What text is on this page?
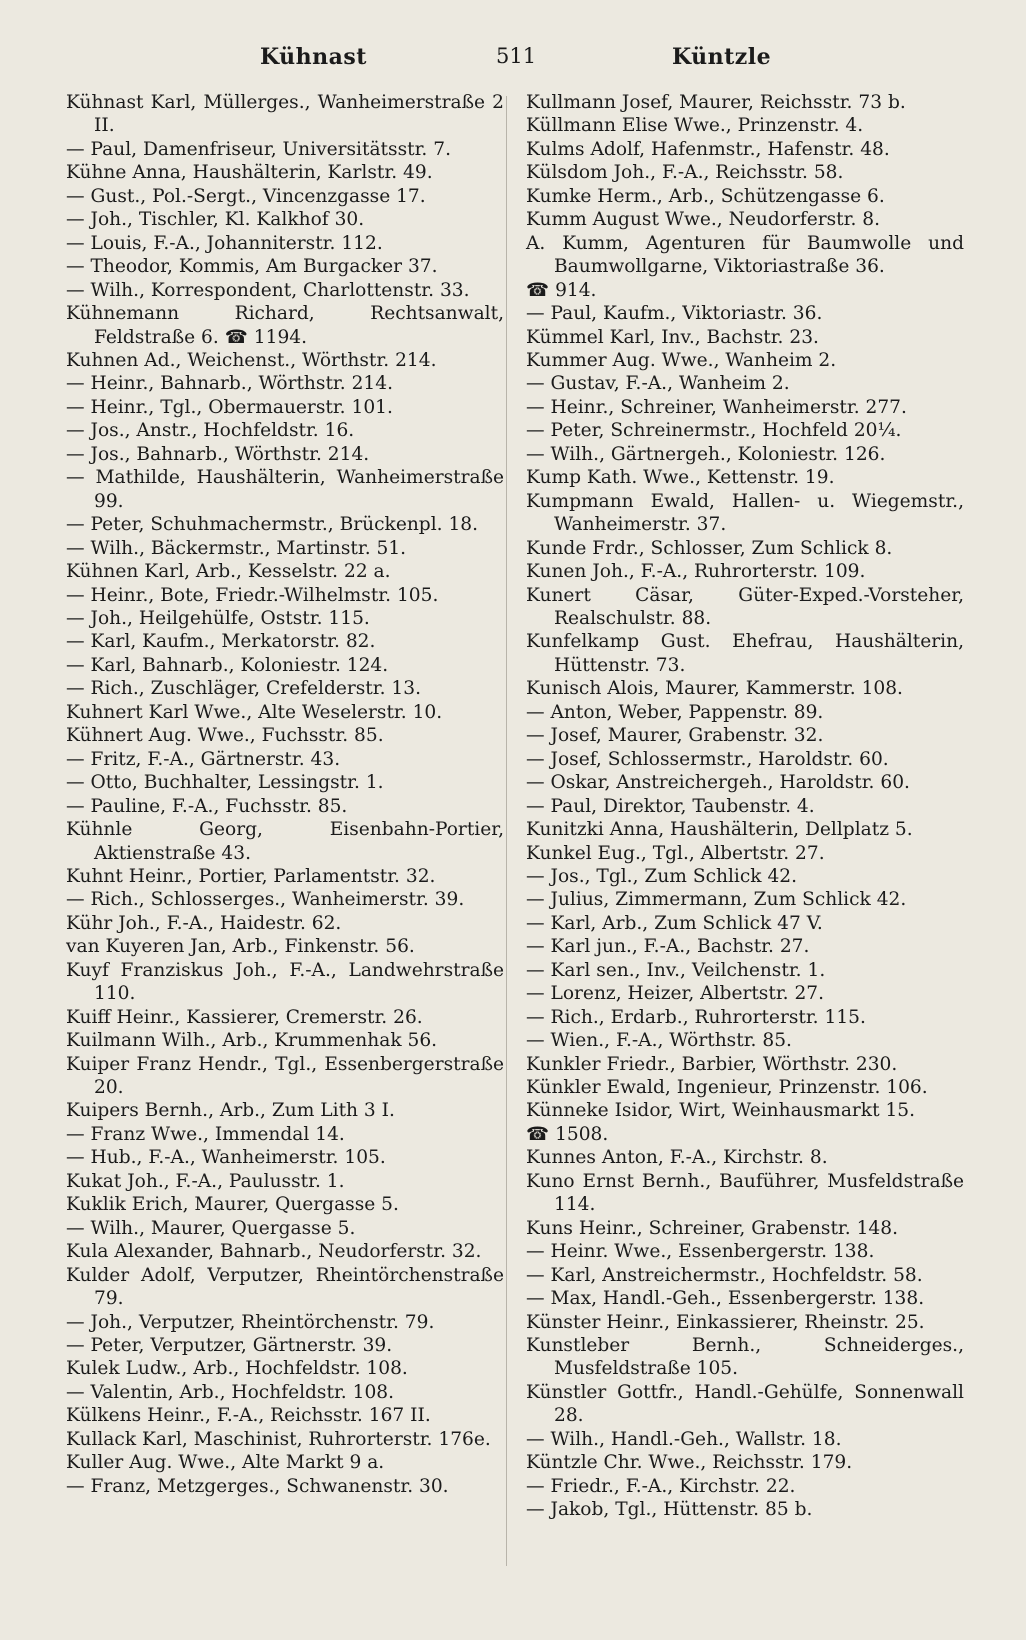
Kühnast	511	Küntzle
Kühnast Karl, Müllerges., Wanheimerstraße 2 II.
— Paul, Damenfriseur, Universitätsstr. 7.
Kühne Anna, Haushälterin, Karlstr. 49.
— Gust., Pol.-Sergt., Vincenzgasse 17.
— Joh., Tischler, Kl. Kalkhof 30.
— Louis, F.-A., Johanniterstr. 112.
— Theodor, Kommis, Am Burgacker 37.
— Wilh., Korrespondent, Charlottenstr. 33.
Kühnemann Richard, Rechtsanwalt, Feldstraße 6. ☎ 1194.
Kuhnen Ad., Weichenst., Wörthstr. 214.
— Heinr., Bahnarb., Wörthstr. 214.
— Heinr., Tgl., Obermauerstr. 101.
— Jos., Anstr., Hochfeldstr. 16.
— Jos., Bahnarb., Wörthstr. 214.
— Mathilde, Haushälterin, Wanheimerstraße 99.
— Peter, Schuhmachermstr., Brückenpl. 18.
— Wilh., Bäckermstr., Martinstr. 51.
Kühnen Karl, Arb., Kesselstr. 22 a.
— Heinr., Bote, Friedr.-Wilhelmstr. 105.
— Joh., Heilgehülfe, Oststr. 115.
— Karl, Kaufm., Merkatorstr. 82.
— Karl, Bahnarb., Koloniestr. 124.
— Rich., Zuschläger, Crefelderstr. 13.
Kuhnert Karl Wwe., Alte Weselerstr. 10.
Kühnert Aug. Wwe., Fuchsstr. 85.
— Fritz, F.-A., Gärtnerstr. 43.
— Otto, Buchhalter, Lessingstr. 1.
— Pauline, F.-A., Fuchsstr. 85.
Kühnle Georg, Eisenbahn-Portier, Aktienstraße 43.
Kuhnt Heinr., Portier, Parlamentstr. 32.
— Rich., Schlosserges., Wanheimerstr. 39.
Kühr Joh., F.-A., Haidestr. 62.
van Kuyeren Jan, Arb., Finkenstr. 56.
Kuyf Franziskus Joh., F.-A., Landwehrstraße 110.
Kuiff Heinr., Kassierer, Cremerstr. 26.
Kuilmann Wilh., Arb., Krummenhak 56.
Kuiper Franz Hendr., Tgl., Essenbergerstraße 20.
Kuipers Bernh., Arb., Zum Lith 3 I.
— Franz Wwe., Immendal 14.
— Hub., F.-A., Wanheimerstr. 105.
Kukat Joh., F.-A., Paulusstr. 1.
Kuklik Erich, Maurer, Quergasse 5.
— Wilh., Maurer, Quergasse 5.
Kula Alexander, Bahnarb., Neudorferstr. 32.
Kulder Adolf, Verputzer, Rheintörchenstraße 79.
— Joh., Verputzer, Rheintörchenstr. 79.
— Peter, Verputzer, Gärtnerstr. 39.
Kulek Ludw., Arb., Hochfeldstr. 108.
— Valentin, Arb., Hochfeldstr. 108.
Külkens Heinr., F.-A., Reichsstr. 167 II.
Kullack Karl, Maschinist, Ruhrorterstr. 176e.
Kuller Aug. Wwe., Alte Markt 9 a.
— Franz, Metzgerges., Schwanenstr. 30.
Kullmann Josef, Maurer, Reichsstr. 73 b.
Küllmann Elise Wwe., Prinzenstr. 4.
Kulms Adolf, Hafenmstr., Hafenstr. 48.
Külsdom Joh., F.-A., Reichsstr. 58.
Kumke Herm., Arb., Schützengasse 6.
Kumm August Wwe., Neudorferstr. 8.
A. Kumm, Agenturen für Baumwolle und Baumwollgarne, Viktoriastraße 36.
☎ 914.
— Paul, Kaufm., Viktoriastr. 36.
Kümmel Karl, Inv., Bachstr. 23.
Kummer Aug. Wwe., Wanheim 2.
— Gustav, F.-A., Wanheim 2.
— Heinr., Schreiner, Wanheimerstr. 277.
— Peter, Schreinermstr., Hochfeld 20¼.
— Wilh., Gärtnergeh., Koloniestr. 126.
Kump Kath. Wwe., Kettenstr. 19.
Kumpmann Ewald, Hallen- u. Wiegemstr., Wanheimerstr. 37.
Kunde Frdr., Schlosser, Zum Schlick 8.
Kunen Joh., F.-A., Ruhrorterstr. 109.
Kunert Cäsar, Güter-Exped.-Vorsteher, Realschulstr. 88.
Kunfelkamp Gust. Ehefrau, Haushälterin, Hüttenstr. 73.
Kunisch Alois, Maurer, Kammerstr. 108.
— Anton, Weber, Pappenstr. 89.
— Josef, Maurer, Grabenstr. 32.
— Josef, Schlossermstr., Haroldstr. 60.
— Oskar, Anstreichergeh., Haroldstr. 60.
— Paul, Direktor, Taubenstr. 4.
Kunitzki Anna, Haushälterin, Dellplatz 5.
Kunkel Eug., Tgl., Albertstr. 27.
— Jos., Tgl., Zum Schlick 42.
— Julius, Zimmermann, Zum Schlick 42.
— Karl, Arb., Zum Schlick 47 V.
— Karl jun., F.-A., Bachstr. 27.
— Karl sen., Inv., Veilchenstr. 1.
— Lorenz, Heizer, Albertstr. 27.
— Rich., Erdarb., Ruhrorterstr. 115.
— Wien., F.-A., Wörthstr. 85.
Kunkler Friedr., Barbier, Wörthstr. 230.
Künkler Ewald, Ingenieur, Prinzenstr. 106.
Künneke Isidor, Wirt, Weinhausmarkt 15.
☎ 1508.
Kunnes Anton, F.-A., Kirchstr. 8.
Kuno Ernst Bernh., Bauführer, Musfeldstraße 114.
Kuns Heinr., Schreiner, Grabenstr. 148.
— Heinr. Wwe., Essenbergerstr. 138.
— Karl, Anstreichermstr., Hochfeldstr. 58.
— Max, Handl.-Geh., Essenbergerstr. 138.
Künster Heinr., Einkassierer, Rheinstr. 25.
Kunstleber Bernh., Schneiderges., Musfeldstraße 105.
Künstler Gottfr., Handl.-Gehülfe, Sonnenwall 28.
— Wilh., Handl.-Geh., Wallstr. 18.
Küntzle Chr. Wwe., Reichsstr. 179.
— Friedr., F.-A., Kirchstr. 22.
— Jakob, Tgl., Hüttenstr. 85 b.
